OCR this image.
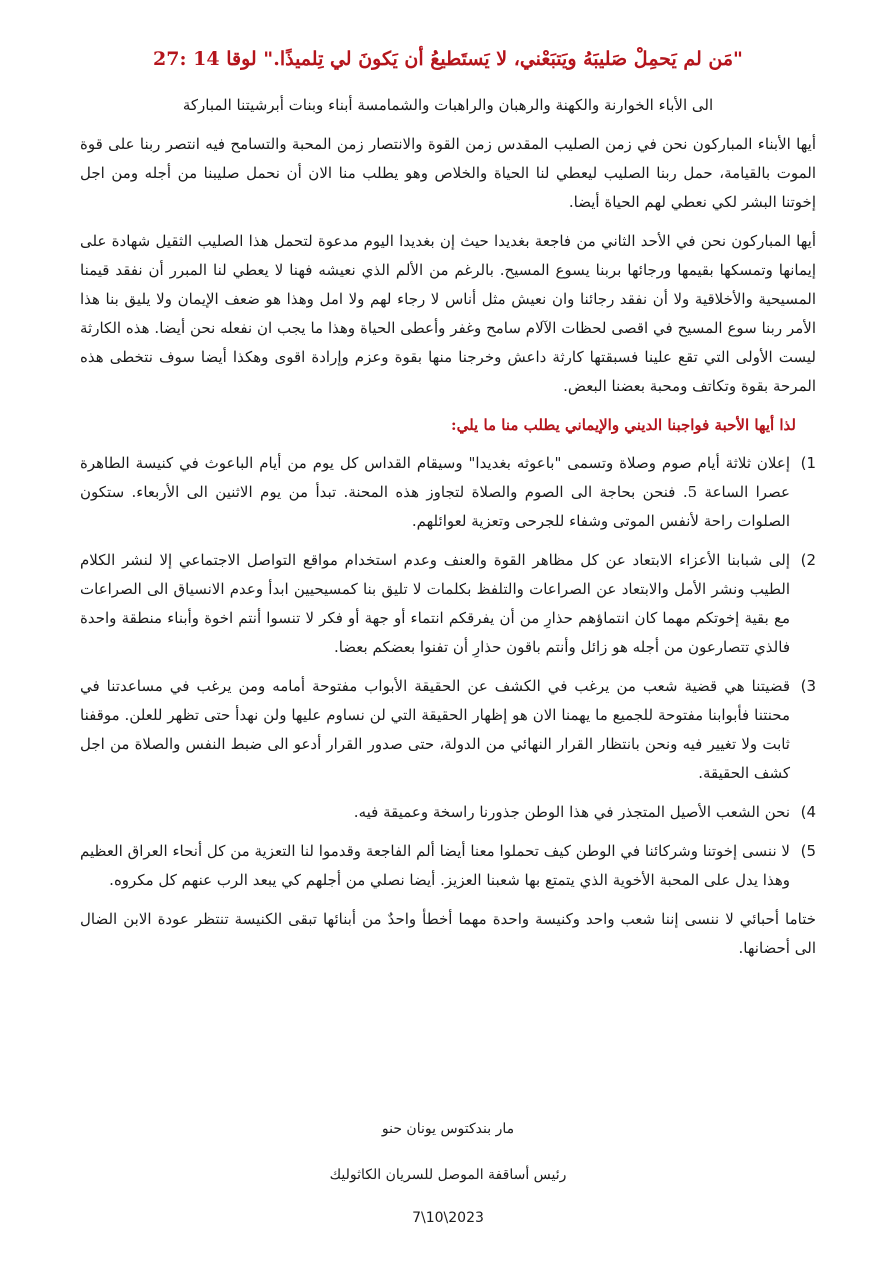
"مَن لم يَحمِلْ صَليبَهُ ويَتبَعْني، لا يَستَطيعُ أن يَكونَ لي تِلميذًا." لوقا 14 :27
الى الأباء الخوارنة والكهنة والرهبان والراهبات والشمامسة أبناء وبنات أبرشيتنا المباركة

أيها الأبناء المباركون نحن في زمن الصليب المقدس زمن القوة والانتصار زمن المحبة والتسامح فيه انتصر ربنا على قوة الموت بالقيامة، حمل ربنا الصليب ليعطي لنا الحياة والخلاص وهو يطلب منا الان أن نحمل صليبنا من أجله ومن اجل إخوتنا البشر لكي نعطي لهم الحياة أيضا.

أيها المباركون نحن في الأحد الثاني من فاجعة بغديدا حيث إن بغديدا اليوم مدعوة لتحمل هذا الصليب الثقيل شهادة على إيمانها وتمسكها بقيمها ورجائها بربنا يسوع المسيح. بالرغم من الألم الذي نعيشه فهنا لا يعطي لنا المبرر أن نفقد قيمنا المسيحية والأخلاقية ولا أن نفقد رجائنا وان نعيش مثل أناس لا رجاء لهم ولا امل وهذا هو ضعف الإيمان ولا يليق بنا هذا الأمر ربنا سوع المسيح في اقصى لحظات الآلام سامح وغفر وأعطى الحياة وهذا ما يجب ان نفعله نحن أيضا. هذه الكارثة ليست الأولى التي تقع علينا فسبقتها كارثة داعش وخرجنا منها بقوة وعزم وإرادة اقوى وهكذا أيضا سوف نتخطى هذه المرحة بقوة وتكاتف ومحبة بعضنا البعض.

لذا أيها الأحبة فواجبنا الديني والإيماني يطلب منا ما يلي:
1)
إعلان ثلاثة أيام صوم وصلاة وتسمى "باعوثه بغديدا" وسيقام القداس كل يوم من أيام الباعوث في كنيسة الطاهرة عصرا الساعة 5. فنحن بحاجة الى الصوم والصلاة لتجاوز هذه المحنة. تبدأ من يوم الاثنين الى الأربعاء. ستكون الصلوات راحة لأنفس الموتى وشفاء للجرحى وتعزية لعوائلهم.
2)
إلى شبابنا الأعزاء الابتعاد عن كل مظاهر القوة والعنف وعدم استخدام مواقع التواصل الاجتماعي إلا لنشر الكلام الطيب ونشر الأمل والابتعاد عن الصراعات والتلفظ بكلمات لا تليق بنا كمسيحيين ابدأ وعدم الانسياق الى الصراعات مع بقية إخوتكم مهما كان انتماؤهم حذارِ من أن يفرقكم انتماء أو جهة أو فكر لا تنسوا أنتم اخوة وأبناء منطقة واحدة فالذي تتصارعون من أجله هو زائل وأنتم باقون حذارِ أن تفنوا بعضكم بعضا.
3)
قضيتنا هي قضية شعب من يرغب في الكشف عن الحقيقة الأبواب مفتوحة أمامه ومن يرغب في مساعدتنا في محنتنا فأبوابنا مفتوحة للجميع ما يهمنا الان هو إظهار الحقيقة التي لن نساوم عليها ولن نهدأ حتى تظهر للعلن. موقفنا ثابت ولا تغيير فيه ونحن بانتظار القرار النهائي من الدولة، حتى صدور القرار أدعو الى ضبط النفس والصلاة من اجل كشف الحقيقة.
4)
نحن الشعب الأصيل المتجذر في هذا الوطن جذورنا راسخة وعميقة فيه.
5)
لا ننسى إخوتنا وشركائنا في الوطن كيف تحملوا معنا أيضا ألم الفاجعة وقدموا لنا التعزية من كل أنحاء العراق العظيم وهذا يدل على المحبة الأخوية الذي يتمتع بها شعبنا العزيز. أيضا نصلي من أجلهم كي يبعد الرب عنهم كل مكروه.

ختاما أحبائي لا ننسى إننا شعب واحد وكنيسة واحدة مهما أخطأ واحدٌ من أبنائها تبقى الكنيسة تنتظر عودة الابن الضال الى أحضانها.

مار بندكتوس يونان حنو
رئيس أساقفة الموصل للسريان الكاثوليك
2023\10\7
